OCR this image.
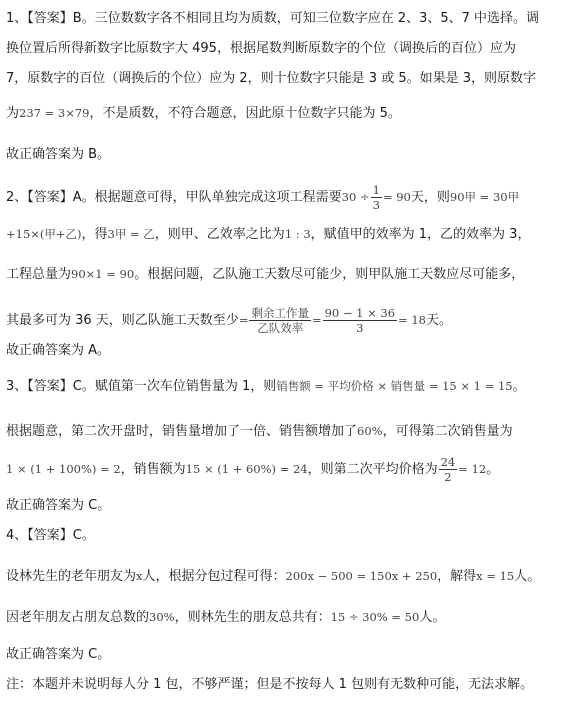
1、【答案】B。三位数数字各不相同且均为质数，可知三位数字应在 2、3、5、7 中选择。调
换位置后所得新数字比原数字大 495，根据尾数判断原数字的个位（调换后的百位）应为
7，原数字的百位（调换后的个位）应为 2，则十位数字只能是 3 或 5。如果是 3，则原数字
为237 = 3×79，不是质数，不符合题意，因此原十位数字只能为 5。
故正确答案为 B。
2、【答案】A。根据题意可得，甲队单独完成这项工程需要$30 \div \frac{1}{3} = 90$天，则90甲 = 30甲
+15×(甲+乙)，得3甲 = 乙，则甲、乙效率之比为1 : 3，赋值甲的效率为 1，乙的效率为 3，
工程总量为90×1 = 90。根据问题，乙队施工天数尽可能少，则甲队施工天数应尽可能多，
其最多可为 36 天，则乙队施工天数至少= $\frac{\text{剩余工作量}}{\text{乙队效率}} = \frac{90 - 1 \times 36}{3} = 18$天。
故正确答案为 A。
3、【答案】C。赋值第一次车位销售量为 1，则销售额 = 平均价格 × 销售量 = 15 × 1 = 15。
根据题意，第二次开盘时，销售量增加了一倍、销售额增加了60%，可得第二次销售量为
1 × (1 + 100%) = 2，销售额为15 × (1 + 60%) = 24，则第二次平均价格为 $\frac{24}{2} = 12$。
故正确答案为 C。
4、【答案】C。
设林先生的老年朋友为x人，根据分包过程可得：200x − 500 = 150x + 250，解得x = 15人。
因老年朋友占朋友总数的30%，则林先生的朋友总共有：15 ÷ 30% = 50人。
故正确答案为 C。
注：本题并未说明每人分 1 包，不够严谨；但是不按每人 1 包则有无数种可能，无法求解。
